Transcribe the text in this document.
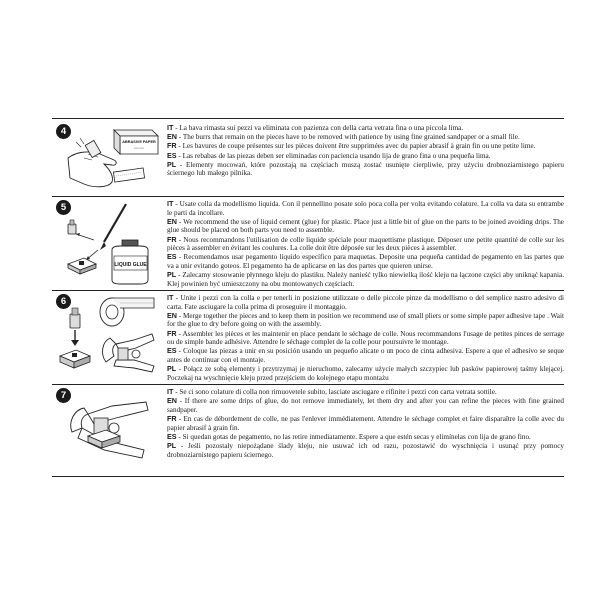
4
ABRASIVE PAPER
▭▭▭

IT - La bava rimasta sui pezzi va eliminata con pazienza con della carta vetrata fina o una piccola lima.

EN - The burrs that remain on the pieces have to be removed with patience by using fine grained sandpaper or a small file.

FR - Les bavures de coupe présentes sur les pièces doivent être supprimées avec du papier abrasif à grain fin ou une petite lime.

ES - Las rebabas de las piezas deben ser eliminadas con paciencia usando lija de grano fina o una pequeña lima.

PL - Elementy mocowań, które pozostają na częściach muszą zostać usunięte cierpliwie, przy użyciu drobnoziarnistego papieru ściernego lub małego pilnika.

5
LIQUID GLUE

IT - Usate colla da modellismo liquida. Con il pennellino posate solo poca colla per volta evitando colature. La colla va data su entrambe le parti da incollare.

EN - We recommend the use of liquid cement (glue) for plastic. Place just a little bit of glue on the parts to be joined avoiding drips. The glue should be placed on both parts you need to assemble.

FR - Nous recommandons l'utilisation de colle liquide spéciale pour maquettisme plastique. Déposer une petite quantité de colle sur les pièces à assembler en évitant les coulures. La colle doit être déposée sur les deux pièces à assembler.

ES - Recomendamos usar pegamento líquido específico para maquetas. Deposite una pequeña cantidad de pegamento en las partes que va a unir evitando goteos. El pegamento ha de aplicarse en las dos partes que quieren unirse.

PL - Zalecamy stosowanie płynnego kleju do plastiku. Należy nanieść tylko niewielką ilość kleju na łączone części aby uniknąć kapania. Klej powinien być umieszczony na obu montowanych częściach.

6	IT - Unite i pezzi con la colla e per tenerli in posizione utilizzate o delle piccole pinze da modellismo o del semplice nastro adesivo di carta. Fate asciugare la colla prima di proseguire il montaggio.

EN - Merge together the pieces and to keep them in position we recommend use of small pliers or some simple paper adhesive tape . Wait for the glue to dry before going on with the assembly.

FR - Assembler les pièces et les maintenir en place pendant le séchage de colle. Nous recommandons l'usage de petites pinces de serrage ou de simple bande adhésive. Attendre le séchage complet de la colle pour poursuivre le montage.

ES - Coloque las piezas a unir en su posición usando un pequeño alicate o un poco de cinta adhesiva. Espere a que el adhesivo se seque antes de continuar con el montaje.

PL - Połącz ze sobą elementy i przytrzymaj je nieruchomo, zalecamy użycie małych szczypiec lub pasków papierowej taśmy klejącej. Poczekaj na wyschnięcie kleju przed przejściem do kolejnego etapu montażu

7	IT - Se ci sono colature di colla non rimuovetele subito, lasciate asciugare e rifinite i pezzi con carta vetrata sottile.

EN - If there are some drips of glue, do not remove immediately, let them dry and after you can refine the pieces with fine grained sandpaper.

FR - En cas de débordement de colle, ne pas l'enlever immédiatement. Attendre le séchage complet et faire disparaître la colle avec du papier abrasif à grain fin.

ES - Si quedan gotas de pegamento, no las retire inmediatamente. Espere a que estén secas y elimínelas con lija de grano fino.

PL - Jeśli pozostały niepożądane ślady kleju, nie usuwać ich od razu, pozostawić do wyschnięcia i usunąć przy pomocy drobnoziarnistego papieru ściernego.
